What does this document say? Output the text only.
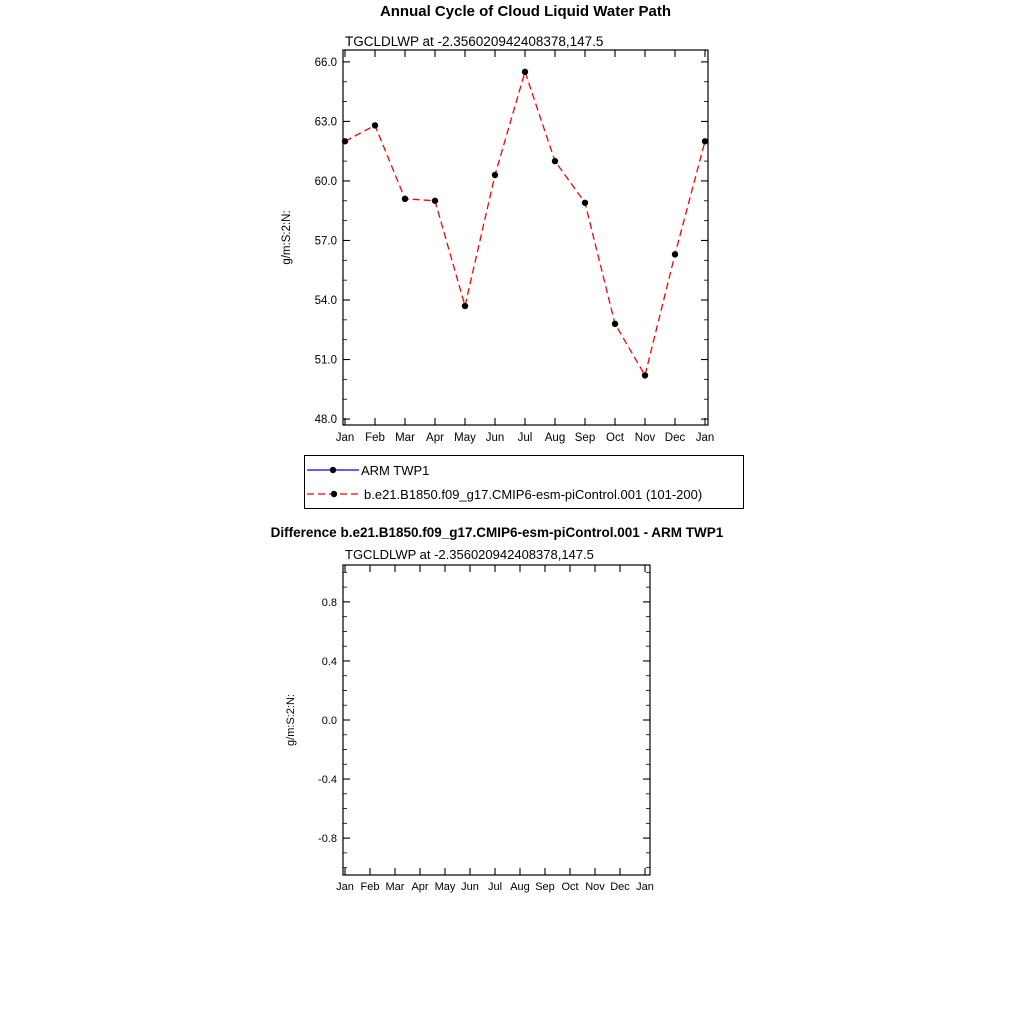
Annual Cycle of Cloud Liquid Water Path
TGCLDLWP at -2.356020942408378,147.5
48.0
51.0
54.0
57.0
60.0
63.0
66.0
Jan Feb Mar Apr May Jun Jul Aug Sep Oct Nov Dec Jan
g/m:S:2:N:
ARM TWP1
b.e21.B1850.f09_g17.CMIP6-esm-piControl.001 (101-200)
Difference b.e21.B1850.f09_g17.CMIP6-esm-piControl.001 - ARM TWP1
TGCLDLWP at -2.356020942408378,147.5
-0.8
-0.4
0.0
0.4
0.8
Jan Feb Mar Apr May Jun Jul Aug Sep Oct Nov Dec Jan
g/m:S:2:N:
